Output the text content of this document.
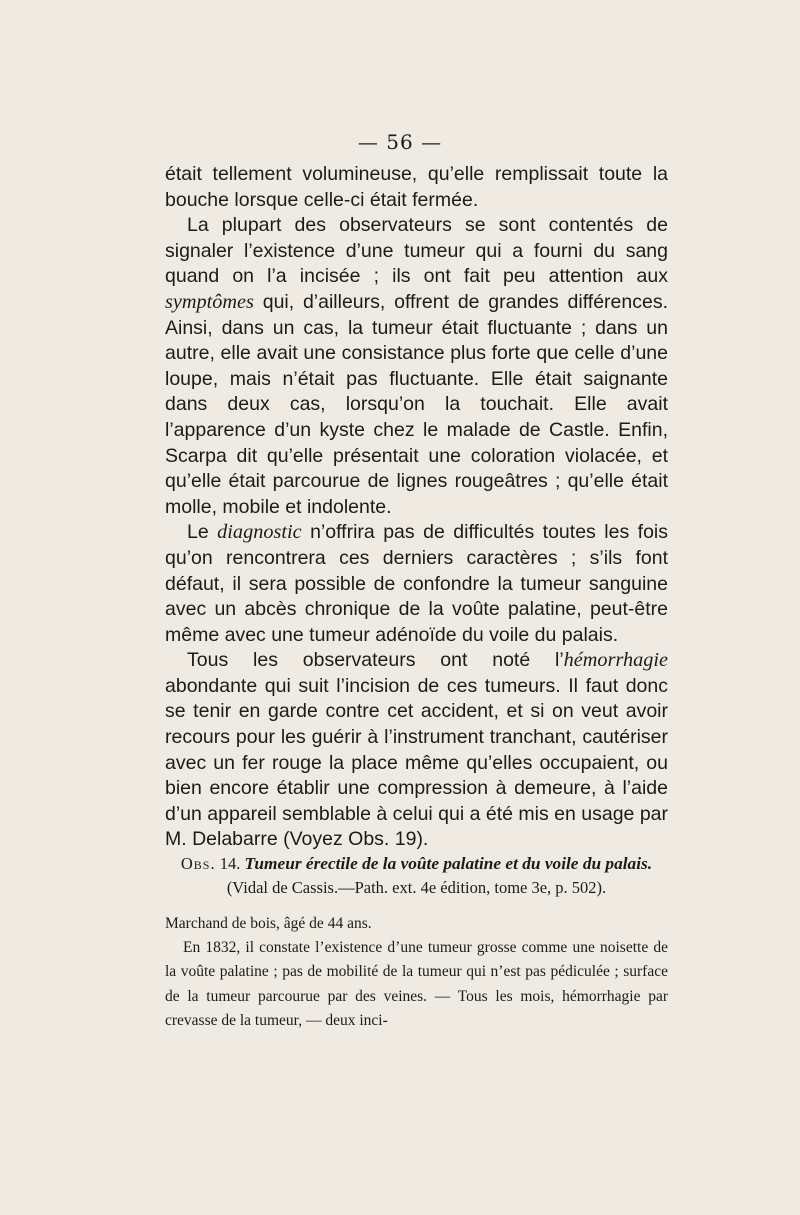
— 56 —

était tellement volumineuse, qu’elle remplissait toute la bouche lorsque celle-ci était fermée.

La plupart des observateurs se sont contentés de signaler l’existence d’une tumeur qui a fourni du sang quand on l’a incisée ; ils ont fait peu attention aux symptômes qui, d’ailleurs, offrent de grandes différences. Ainsi, dans un cas, la tumeur était fluctuante ; dans un autre, elle avait une consistance plus forte que celle d’une loupe, mais n’était pas fluctuante. Elle était saignante dans deux cas, lorsqu’on la touchait. Elle avait l’apparence d’un kyste chez le malade de Castle. Enfin, Scarpa dit qu’elle présentait une coloration violacée, et qu’elle était parcourue de lignes rougeâtres ; qu’elle était molle, mobile et indolente.

Le diagnostic n’offrira pas de difficultés toutes les fois qu’on rencontrera ces derniers caractères ; s’ils font défaut, il sera possible de confondre la tumeur sanguine avec un abcès chronique de la voûte palatine, peut-être même avec une tumeur adénoïde du voile du palais.

Tous les observateurs ont noté l’hémorrhagie abondante qui suit l’incision de ces tumeurs. Il faut donc se tenir en garde contre cet accident, et si on veut avoir recours pour les guérir à l’instrument tranchant, cautériser avec un fer rouge la place même qu’elles occupaient, ou bien encore établir une compression à demeure, à l’aide d’un appareil semblable à celui qui a été mis en usage par M. Delabarre (Voyez Obs. 19).

Obs. 14. Tumeur érectile de la voûte palatine et du voile du palais.

(Vidal de Cassis.—Path. ext. 4e édition, tome 3e, p. 502).

Marchand de bois, âgé de 44 ans.

En 1832, il constate l’existence d’une tumeur grosse comme une noisette de la voûte palatine ; pas de mobilité de la tumeur qui n’est pas pédiculée ; surface de la tumeur parcourue par des veines. — Tous les mois, hémorrhagie par crevasse de la tumeur, — deux inci-
